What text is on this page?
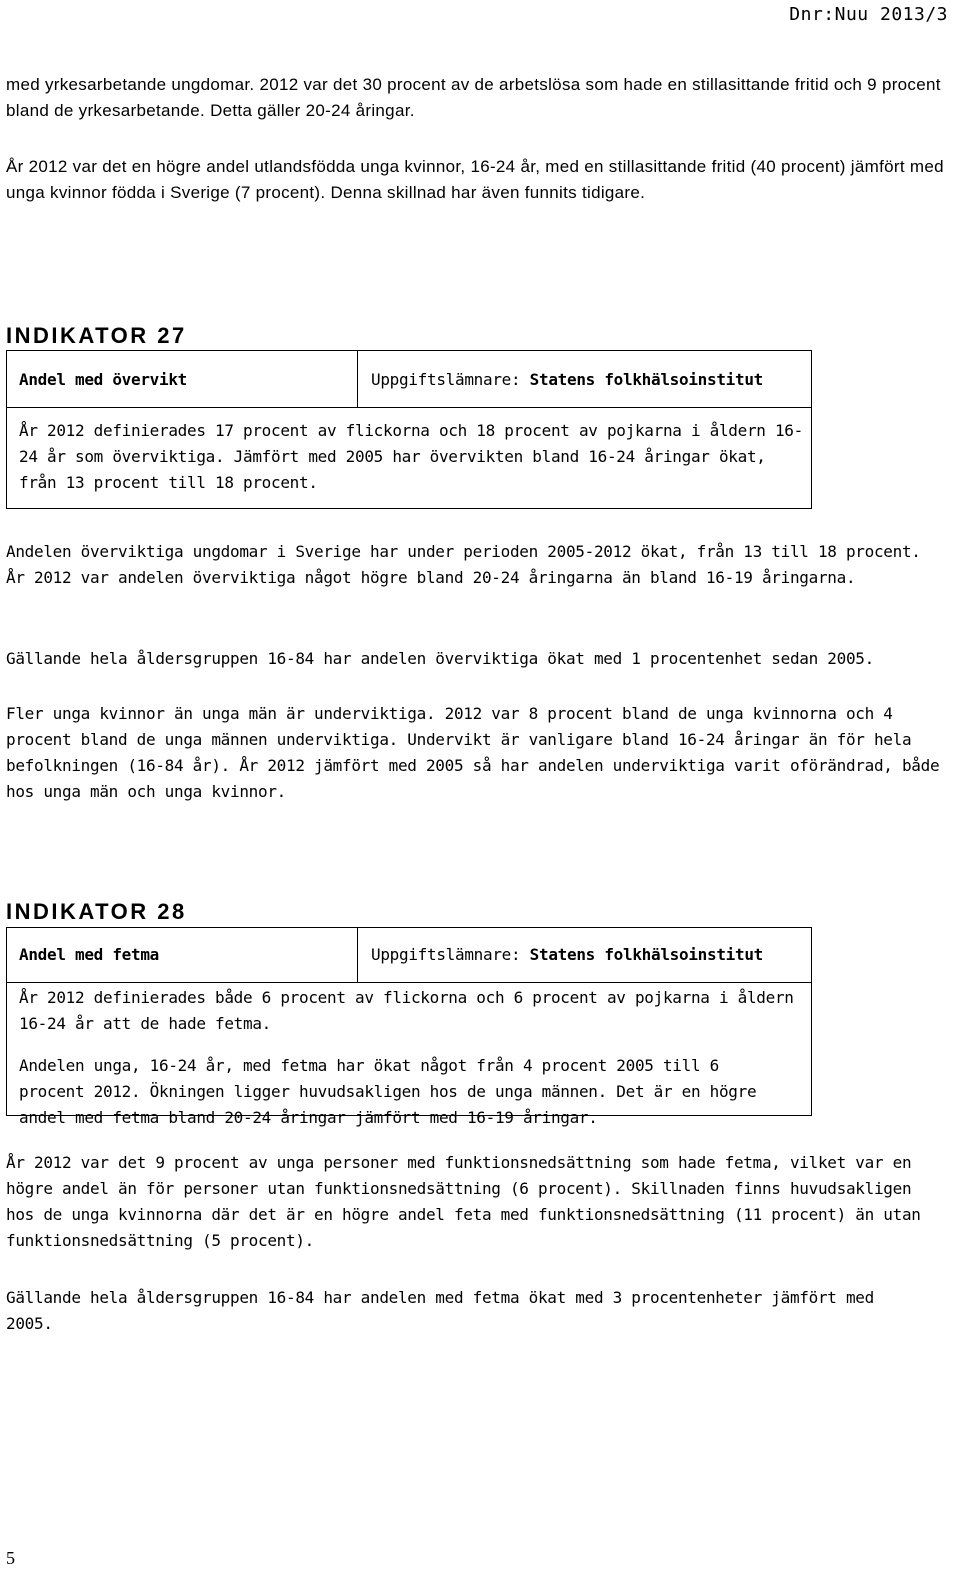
Dnr:Nuu 2013/3

med yrkesarbetande ungdomar. 2012 var det 30 procent av de arbetslösa som hade en stillasittande fritid och 9 procent bland de yrkesarbetande. Detta gäller 20-24 åringar.

År 2012 var det en högre andel utlandsfödda unga kvinnor, 16-24 år, med en stillasittande fritid (40 procent) jämfört med unga kvinnor födda i Sverige (7 procent). Denna skillnad har även funnits tidigare.

INDIKATOR 27
Andel med övervikt	Uppgiftslämnare: Statens folkhälsoinstitut

År 2012 definierades 17 procent av flickorna och 18 procent av pojkarna i åldern 16-24 år som överviktiga. Jämfört med 2005 har övervikten bland 16-24 åringar ökat, från 13 procent till 18 procent.

Andelen överviktiga ungdomar i Sverige har under perioden 2005-2012 ökat, från 13 till 18 procent. År 2012 var andelen överviktiga något högre bland 20-24 åringarna än bland 16-19 åringarna.

Gällande hela åldersgruppen 16-84 har andelen överviktiga ökat med 1 procentenhet sedan 2005.

Fler unga kvinnor än unga män är underviktiga. 2012 var 8 procent bland de unga kvinnorna och 4 procent bland de unga männen underviktiga. Undervikt är vanligare bland 16-24 åringar än för hela befolkningen (16-84 år). År 2012 jämfört med 2005 så har andelen underviktiga varit oförändrad, både hos unga män och unga kvinnor.

INDIKATOR 28
Andel med fetma	Uppgiftslämnare: Statens folkhälsoinstitut

År 2012 definierades både 6 procent av flickorna och 6 procent av pojkarna i åldern 16-24 år att de hade fetma.

Andelen unga, 16-24 år, med fetma har ökat något från 4 procent 2005 till 6 procent 2012. Ökningen ligger huvudsakligen hos de unga männen. Det är en högre andel med fetma bland 20-24 åringar jämfört med 16-19 åringar.

År 2012 var det 9 procent av unga personer med funktionsnedsättning som hade fetma, vilket var en högre andel än för personer utan funktionsnedsättning (6 procent). Skillnaden finns huvudsakligen hos de unga kvinnorna där det är en högre andel feta med funktionsnedsättning (11 procent) än utan funktionsnedsättning (5 procent).

Gällande hela åldersgruppen 16-84 har andelen med fetma ökat med 3 procentenheter jämfört med 2005.

5
